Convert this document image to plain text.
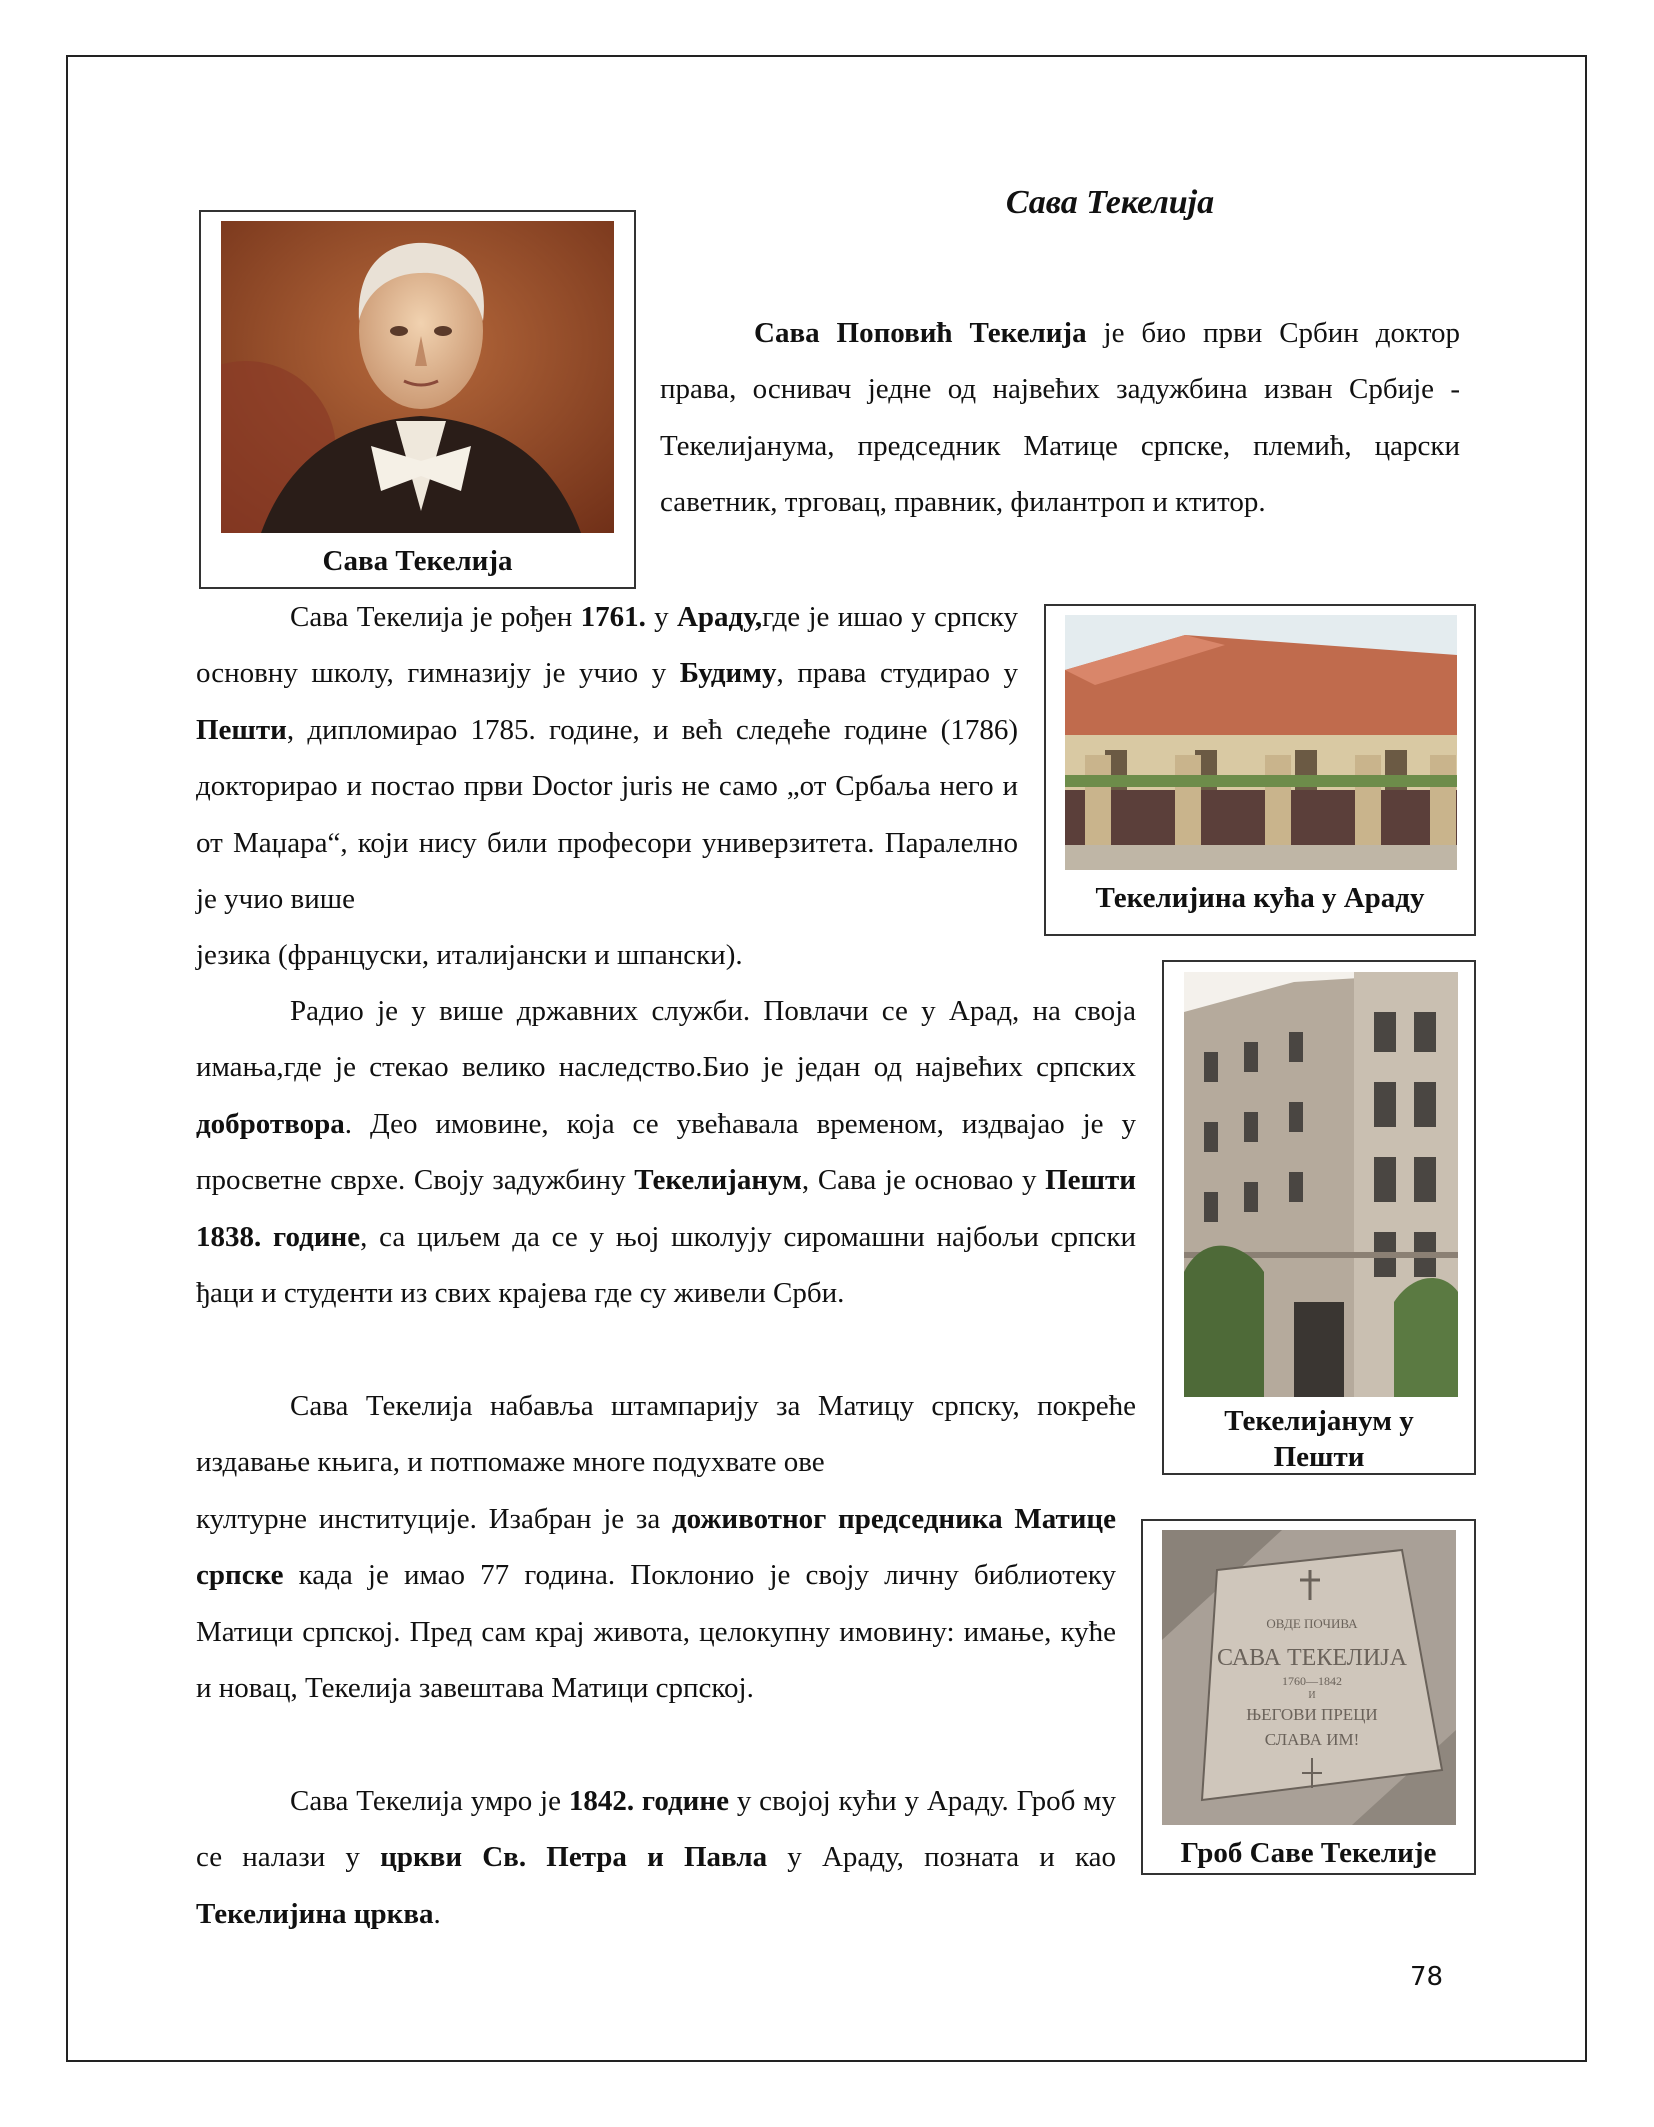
Сава Текелија
Сава Текелија

Сава Поповић Текелија је био први Србин доктор права, оснивач једне од највећих задужбина изван Србије - Текелијанума, председник Матице српске, племић, царски саветник, трговац, правник, филантроп и ктитор.

Текелијина кућа у Араду

Сава Текелија је рођен 1761. у Араду,где је ишао у српску основну школу, гимназију је учио у Будиму, права студирао у Пешти, дипломирао 1785. године, и већ следеће године (1786) докторирао и постао први Doctor juris не само „от Србаља него и от Маџара“, који нису били професори универзитета. Паралелно је учио више

језика (француски, италијански и шпански).

Текелијанум у
Пешти

Радио је у више државних служби. Повлачи се у Арад, на своја имања,где је стекао велико наследство.Био је један од највећих српских добротвора. Део имовине, која се увећавала временом, издвајао је у просветне сврхе. Своју задужбину Текелијанум, Сава је основао у Пешти 1838. године, са циљем да се у њој школују сиромашни најбољи српски ђаци и студенти из свих крајева где су живели Срби.

Сава Текелија набавља штампарију за Матицу српску, покреће издавање књига, и потпомаже многе подухвате ове

културне институције. Изабран је за доживотног председника Матице српске када је имао 77 година. Поклонио је своју личну библиотеку Матици српској. Пред сам крај живота, целокупну имовину: имање, куће и новац, Текелија завештава Матици српској.

ОВДЕ ПОЧИВА
САВА ТЕКЕЛИЈА
1760—1842
И
ЊЕГОВИ ПРЕЦИ
СЛАВА ИМ!
Гроб Саве Текелије

Сава Текелија умро је 1842. године у својој кући у Араду. Гроб му се налази у цркви Св. Петра и Павла у Араду, позната и као Текелијина црква.

78
